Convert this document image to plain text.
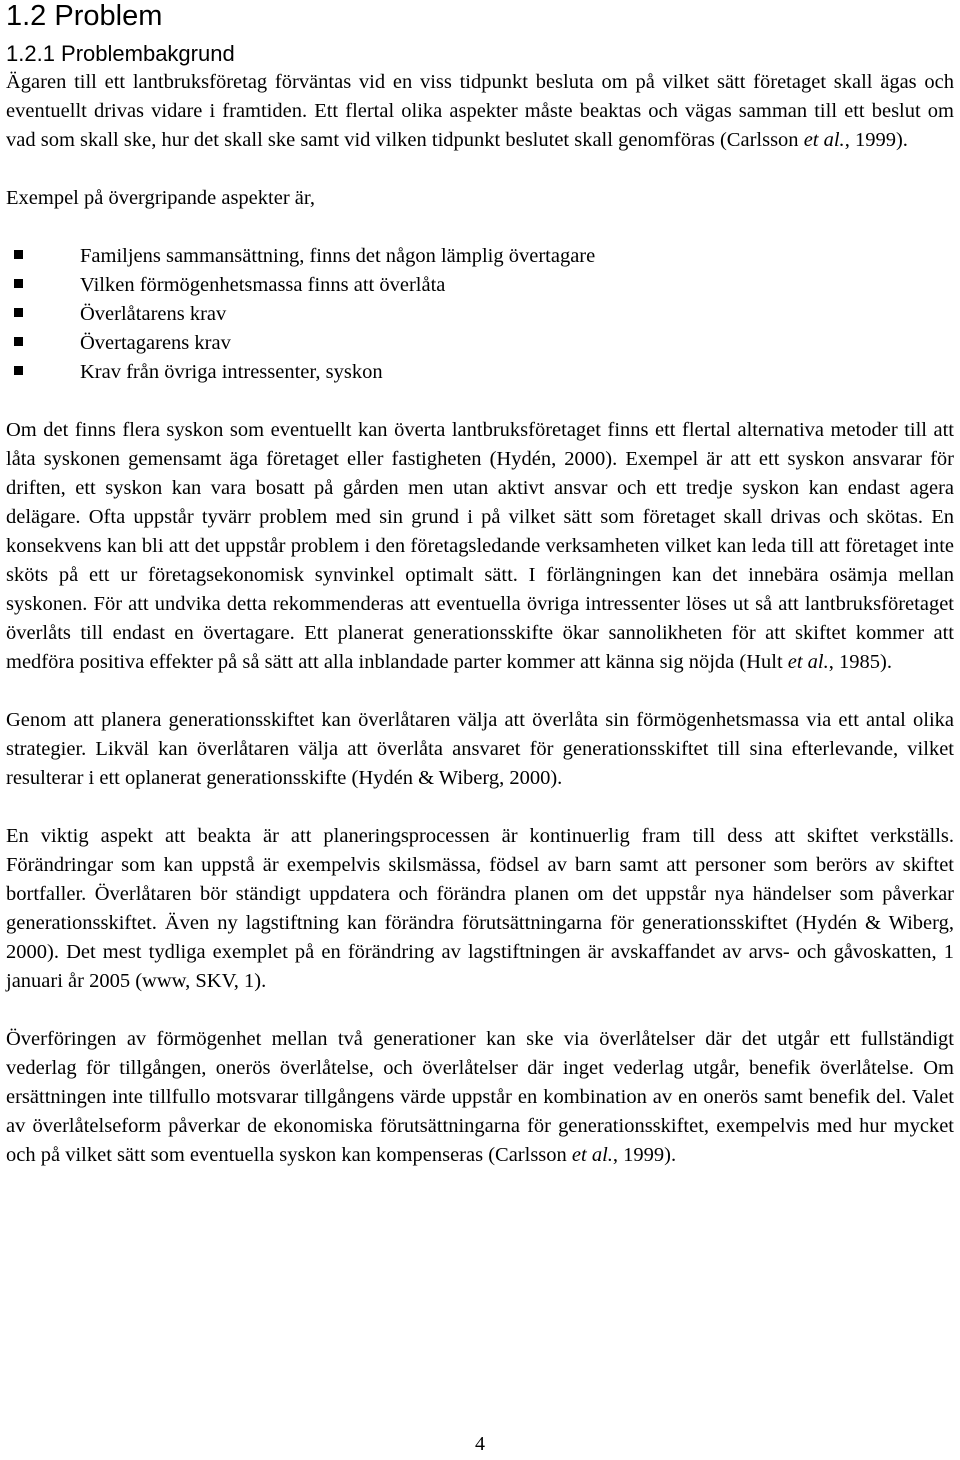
1.2 Problem
1.2.1 Problembakgrund

Ägaren till ett lantbruksföretag förväntas vid en viss tidpunkt besluta om på vilket sätt företaget skall ägas och eventuellt drivas vidare i framtiden. Ett flertal olika aspekter måste beaktas och vägas samman till ett beslut om vad som skall ske, hur det skall ske samt vid vilken tidpunkt beslutet skall genomföras (Carlsson et al., 1999).

Exempel på övergripande aspekter är,

Familjens sammansättning, finns det någon lämplig övertagare
Vilken förmögenhetsmassa finns att överlåta
Överlåtarens krav
Övertagarens krav
Krav från övriga intressenter, syskon

Om det finns flera syskon som eventuellt kan överta lantbruksföretaget finns ett flertal alternativa metoder till att låta syskonen gemensamt äga företaget eller fastigheten (Hydén, 2000). Exempel är att ett syskon ansvarar för driften, ett syskon kan vara bosatt på gården men utan aktivt ansvar och ett tredje syskon kan endast agera delägare. Ofta uppstår tyvärr problem med sin grund i på vilket sätt som företaget skall drivas och skötas. En konsekvens kan bli att det uppstår problem i den företagsledande verksamheten vilket kan leda till att företaget inte sköts på ett ur företagsekonomisk synvinkel optimalt sätt. I förlängningen kan det innebära osämja mellan syskonen. För att undvika detta rekommenderas att eventuella övriga intressenter löses ut så att lantbruksföretaget överlåts till endast en övertagare. Ett planerat generationsskifte ökar sannolikheten för att skiftet kommer att medföra positiva effekter på så sätt att alla inblandade parter kommer att känna sig nöjda (Hult et al., 1985).

Genom att planera generationsskiftet kan överlåtaren välja att överlåta sin förmögenhetsmassa via ett antal olika strategier. Likväl kan överlåtaren välja att överlåta ansvaret för generationsskiftet till sina efterlevande, vilket resulterar i ett oplanerat generationsskifte (Hydén & Wiberg, 2000).

En viktig aspekt att beakta är att planeringsprocessen är kontinuerlig fram till dess att skiftet verkställs. Förändringar som kan uppstå är exempelvis skilsmässa, födsel av barn samt att personer som berörs av skiftet bortfaller. Överlåtaren bör ständigt uppdatera och förändra planen om det uppstår nya händelser som påverkar generationsskiftet. Även ny lagstiftning kan förändra förutsättningarna för generationsskiftet (Hydén & Wiberg, 2000). Det mest tydliga exemplet på en förändring av lagstiftningen är avskaffandet av arvs- och gåvoskatten, 1 januari år 2005 (www, SKV, 1).

Överföringen av förmögenhet mellan två generationer kan ske via överlåtelser där det utgår ett fullständigt vederlag för tillgången, onerös överlåtelse, och överlåtelser där inget vederlag utgår, benefik överlåtelse. Om ersättningen inte tillfullo motsvarar tillgångens värde uppstår en kombination av en onerös samt benefik del. Valet av överlåtelseform påverkar de ekonomiska förutsättningarna för generationsskiftet, exempelvis med hur mycket och på vilket sätt som eventuella syskon kan kompenseras (Carlsson et al., 1999).

4
